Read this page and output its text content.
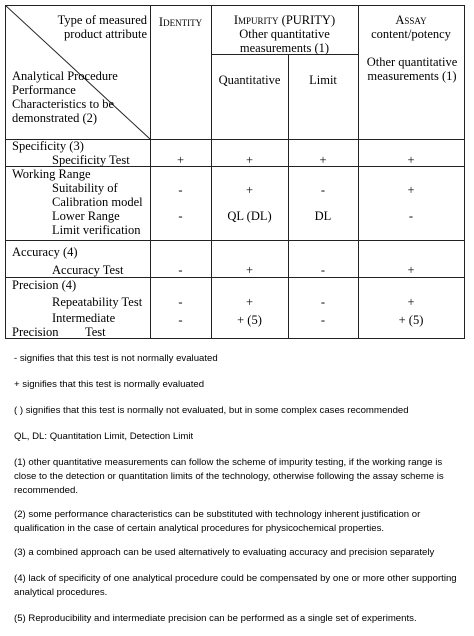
Type of measured product attribute
Analytical Procedure Performance Characteristics to be demonstrated (2)
Identity	Impurity (PURITY)
Other quantitative measurements (1)
Quantitative	Limit
Assay
content/potency
Other quantitative measurements (1)
Specificity (3)
Specificity Test	+	+	+	+
Working Range
Suitability of Calibration model
-	+	-	+
Lower Range Limit verification
-	QL (DL)	DL	-
Accuracy (4)
Accuracy Test	-	+	-	+
Precision (4)
Repeatability Test	-	+	-	+
Intermediate
Precision Test
-	+ (5)	-	+ (5)
- signifies that this test is not normally evaluated
+ signifies that this test is normally evaluated
( ) signifies that this test is normally not evaluated, but in some complex cases recommended
QL, DL: Quantitation Limit, Detection Limit
(1) other quantitative measurements can follow the scheme of impurity testing, if the working range is close to the detection or quantitation limits of the technology, otherwise following the assay scheme is recommended.
(2) some performance characteristics can be substituted with technology inherent justification or qualification in the case of certain analytical procedures for physicochemical properties.
(3) a combined approach can be used alternatively to evaluating accuracy and precision separately
(4) lack of specificity of one analytical procedure could be compensated by one or more other supporting analytical procedures.
(5) Reproducibility and intermediate precision can be performed as a single set of experiments.
